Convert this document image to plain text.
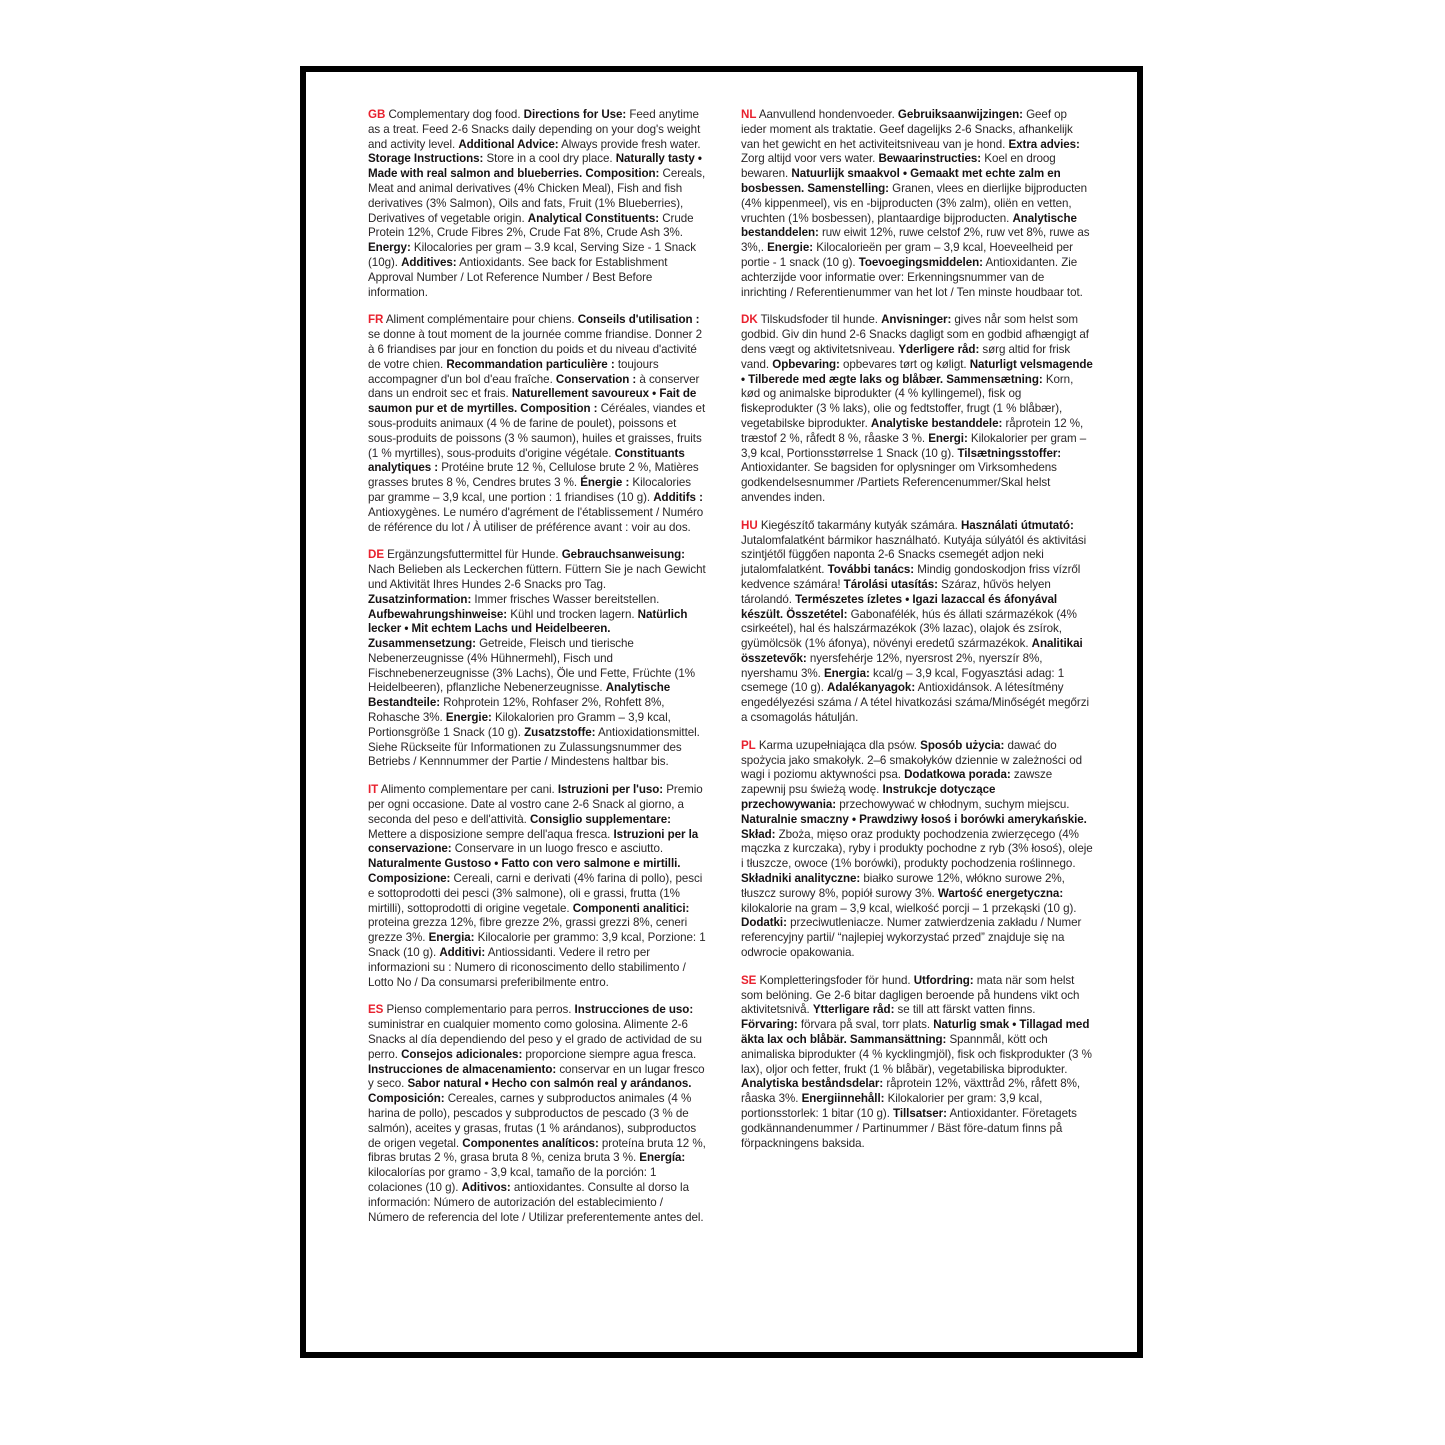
GB Complementary dog food. Directions for Use: Feed anytime as a treat. Feed 2-6 Snacks daily depending on your dog's weight and activity level. Additional Advice: Always provide fresh water. Storage Instructions: Store in a cool dry place. Naturally tasty • Made with real salmon and blueberries. Composition: Cereals, Meat and animal derivatives (4% Chicken Meal), Fish and fish derivatives (3% Salmon), Oils and fats, Fruit (1% Blueberries), Derivatives of vegetable origin. Analytical Constituents: Crude Protein 12%, Crude Fibres 2%, Crude Fat 8%, Crude Ash 3%. Energy: Kilocalories per gram – 3.9 kcal, Serving Size - 1 Snack (10g). Additives: Antioxidants. See back for Establishment Approval Number / Lot Reference Number / Best Before information.

FR Aliment complémentaire pour chiens. Conseils d'utilisation : se donne à tout moment de la journée comme friandise. Donner 2 à 6 friandises par jour en fonction du poids et du niveau d'activité de votre chien. Recommandation particulière : toujours accompagner d'un bol d'eau fraîche. Conservation : à conserver dans un endroit sec et frais. Naturellement savoureux • Fait de saumon pur et de myrtilles. Composition : Céréales, viandes et sous-produits animaux (4 % de farine de poulet), poissons et sous-produits de poissons (3 % saumon), huiles et graisses, fruits (1 % myrtilles), sous-produits d'origine végétale. Constituants analytiques : Protéine brute 12 %, Cellulose brute 2 %, Matières grasses brutes 8 %, Cendres brutes 3 %. Énergie : Kilocalories par gramme – 3,9 kcal, une portion : 1 friandises (10 g). Additifs : Antioxygènes. Le numéro d'agrément de l'établissement / Numéro de référence du lot / À utiliser de préférence avant : voir au dos.

DE Ergänzungsfuttermittel für Hunde. Gebrauchsanweisung: Nach Belieben als Leckerchen füttern. Füttern Sie je nach Gewicht und Aktivität Ihres Hundes 2-6 Snacks pro Tag. Zusatzinformation: Immer frisches Wasser bereitstellen. Aufbewahrungshinweise: Kühl und trocken lagern. Natürlich lecker • Mit echtem Lachs und Heidelbeeren. Zusammensetzung: Getreide, Fleisch und tierische Nebenerzeugnisse (4% Hühnermehl), Fisch und Fischnebenerzeugnisse (3% Lachs), Öle und Fette, Früchte (1% Heidelbeeren), pflanzliche Nebenerzeugnisse. Analytische Bestandteile: Rohprotein 12%, Rohfaser 2%, Rohfett 8%, Rohasche 3%. Energie: Kilokalorien pro Gramm – 3,9 kcal, Portionsgröße 1 Snack (10 g). Zusatzstoffe: Antioxidationsmittel. Siehe Rückseite für Informationen zu Zulassungsnummer des Betriebs / Kennnummer der Partie / Mindestens haltbar bis.

IT Alimento complementare per cani. Istruzioni per l'uso: Premio per ogni occasione. Date al vostro cane 2-6 Snack al giorno, a seconda del peso e dell'attività. Consiglio supplementare: Mettere a disposizione sempre dell'aqua fresca. Istruzioni per la conservazione: Conservare in un luogo fresco e asciutto. Naturalmente Gustoso • Fatto con vero salmone e mirtilli. Composizione: Cereali, carni e derivati (4% farina di pollo), pesci e sottoprodotti dei pesci (3% salmone), oli e grassi, frutta (1% mirtilli), sottoprodotti di origine vegetale. Componenti analitici: proteina grezza 12%, fibre grezze 2%, grassi grezzi 8%, ceneri grezze 3%. Energia: Kilocalorie per grammo: 3,9 kcal, Porzione: 1 Snack (10 g). Additivi: Antiossidanti. Vedere il retro per informazioni su : Numero di riconoscimento dello stabilimento / Lotto No / Da consumarsi preferibilmente entro.

ES Pienso complementario para perros. Instrucciones de uso: suministrar en cualquier momento como golosina. Alimente 2-6 Snacks al día dependiendo del peso y el grado de actividad de su perro. Consejos adicionales: proporcione siempre agua fresca. Instrucciones de almacenamiento: conservar en un lugar fresco y seco. Sabor natural • Hecho con salmón real y arándanos. Composición: Cereales, carnes y subproductos animales (4 % harina de pollo), pescados y subproductos de pescado (3 % de salmón), aceites y grasas, frutas (1 % arándanos), subproductos de origen vegetal. Componentes analíticos: proteína bruta 12 %, fibras brutas 2 %, grasa bruta 8 %, ceniza bruta 3 %. Energía: kilocalorías por gramo - 3,9 kcal, tamaño de la porción: 1 colaciones (10 g). Aditivos: antioxidantes. Consulte al dorso la información: Número de autorización del establecimiento / Número de referencia del lote / Utilizar preferentemente antes del.

NL Aanvullend hondenvoeder. Gebruiksaanwijzingen: Geef op ieder moment als traktatie. Geef dagelijks 2-6 Snacks, afhankelijk van het gewicht en het activiteitsniveau van je hond. Extra advies: Zorg altijd voor vers water. Bewaarinstructies: Koel en droog bewaren. Natuurlijk smaakvol • Gemaakt met echte zalm en bosbessen. Samenstelling: Granen, vlees en dierlijke bijproducten (4% kippenmeel), vis en -bijproducten (3% zalm), oliën en vetten, vruchten (1% bosbessen), plantaardige bijproducten. Analytische bestanddelen: ruw eiwit 12%, ruwe celstof 2%, ruw vet 8%, ruwe as 3%,. Energie: Kilocalorieën per gram – 3,9 kcal, Hoeveelheid per portie - 1 snack (10 g). Toevoegingsmiddelen: Antioxidanten. Zie achterzijde voor informatie over: Erkenningsnummer van de inrichting / Referentienummer van het lot / Ten minste houdbaar tot.

DK Tilskudsfoder til hunde. Anvisninger: gives når som helst som godbid. Giv din hund 2-6 Snacks dagligt som en godbid afhængigt af dens vægt og aktivitetsniveau. Yderligere råd: sørg altid for frisk vand. Opbevaring: opbevares tørt og køligt. Naturligt velsmagende • Tilberede med ægte laks og blåbær. Sammensætning: Korn, kød og animalske biprodukter (4 % kyllingemel), fisk og fiskeprodukter (3 % laks), olie og fedtstoffer, frugt (1 % blåbær), vegetabilske biprodukter. Analytiske bestanddele: råprotein 12 %, træstof 2 %, råfedt 8 %, råaske 3 %. Energi: Kilokalorier per gram – 3,9 kcal, Portionsstørrelse 1 Snack (10 g). Tilsætningsstoffer: Antioxidanter. Se bagsiden for oplysninger om Virksomhedens godkendelsesnummer /Partiets Referencenummer/Skal helst anvendes inden.

HU Kiegészítő takarmány kutyák számára. Használati útmutató: Jutalomfalatként bármikor használható. Kutyája súlyától és aktivitási szintjétől függően naponta 2-6 Snacks csemegét adjon neki jutalomfalatként. További tanács: Mindig gondoskodjon friss vízről kedvence számára! Tárolási utasítás: Száraz, hűvös helyen tárolandó. Természetes ízletes • Igazi lazaccal és áfonyával készült. Összetétel: Gabonafélék, hús és állati származékok (4% csirkeétel), hal és halszármazékok (3% lazac), olajok és zsírok, gyümölcsök (1% áfonya), növényi eredetű származékok. Analitikai összetevők: nyersfehérje 12%, nyersrost 2%, nyerszír 8%, nyershamu 3%. Energia: kcal/g – 3,9 kcal, Fogyasztási adag: 1 csemege (10 g). Adalékanyagok: Antioxidánsok. A létesítmény engedélyezési száma / A tétel hivatkozási száma/Minőségét megőrzi a csomagolás hátulján.

PL Karma uzupełniająca dla psów. Sposób użycia: dawać do spożycia jako smakołyk. 2–6 smakołyków dziennie w zależności od wagi i poziomu aktywności psa. Dodatkowa porada: zawsze zapewnij psu świeżą wodę. Instrukcje dotyczące przechowywania: przechowywać w chłodnym, suchym miejscu. Naturalnie smaczny • Prawdziwy łosoś i borówki amerykańskie. Skład: Zboża, mięso oraz produkty pochodzenia zwierzęcego (4% mączka z kurczaka), ryby i produkty pochodne z ryb (3% łosoś), oleje i tłuszcze, owoce (1% borówki), produkty pochodzenia roślinnego. Składniki analityczne: białko surowe 12%, włókno surowe 2%, tłuszcz surowy 8%, popiół surowy 3%. Wartość energetyczna: kilokalorie na gram – 3,9 kcal, wielkość porcji – 1 przekąski (10 g). Dodatki: przeciwutleniacze. Numer zatwierdzenia zakładu / Numer referencyjny partii/ “najlepiej wykorzystać przed” znajduje się na odwrocie opakowania.

SE Kompletteringsfoder för hund. Utfordring: mata när som helst som belöning. Ge 2-6 bitar dagligen beroende på hundens vikt och aktivitetsnivå. Ytterligare råd: se till att färskt vatten finns. Förvaring: förvara på sval, torr plats. Naturlig smak • Tillagad med äkta lax och blåbär. Sammansättning: Spannmål, kött och animaliska biprodukter (4 % kycklingmjöl), fisk och fiskprodukter (3 % lax), oljor och fetter, frukt (1 % blåbär), vegetabiliska biprodukter. Analytiska beståndsdelar: råprotein 12%, växttråd 2%, råfett 8%, råaska 3%. Energiinnehåll: Kilokalorier per gram: 3,9 kcal, portionsstorlek: 1 bitar (10 g). Tillsatser: Antioxidanter. Företagets godkännandenummer / Partinummer / Bäst före-datum finns på förpackningens baksida.
